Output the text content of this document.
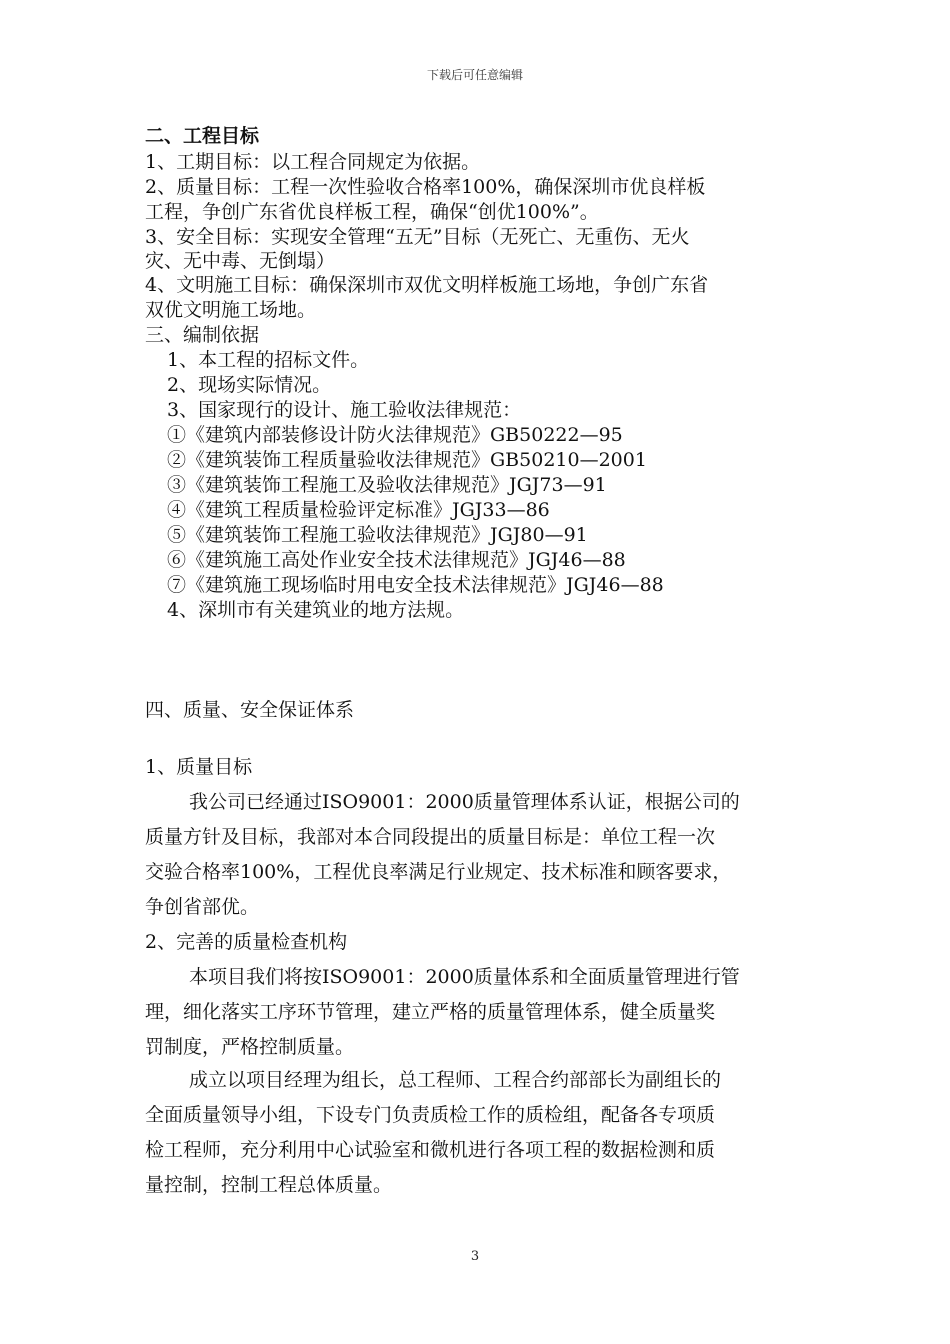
下载后可任意编辑
二、工程目标
1、工期目标：以工程合同规定为依据。
2、质量目标：工程一次性验收合格率100%，确保深圳市优良样板
工程，争创广东省优良样板工程，确保“创优100%”。
3、安全目标：实现安全管理“五无”目标（无死亡、无重伤、无火
灾、无中毒、无倒塌）
4、文明施工目标：确保深圳市双优文明样板施工场地，争创广东省
双优文明施工场地。
三、编制依据
1、本工程的招标文件。
2、现场实际情况。
3、国家现行的设计、施工验收法律规范：
①《建筑内部装修设计防火法律规范》GB50222—95
②《建筑装饰工程质量验收法律规范》GB50210—2001
③《建筑装饰工程施工及验收法律规范》JGJ73—91
④《建筑工程质量检验评定标准》JGJ33—86
⑤《建筑装饰工程施工验收法律规范》JGJ80—91
⑥《建筑施工高处作业安全技术法律规范》JGJ46—88
⑦《建筑施工现场临时用电安全技术法律规范》JGJ46—88
4、深圳市有关建筑业的地方法规。
四、质量、安全保证体系
1、质量目标
我公司已经通过ISO9001：2000质量管理体系认证，根据公司的
质量方针及目标，我部对本合同段提出的质量目标是：单位工程一次
交验合格率100%，工程优良率满足行业规定、技术标准和顾客要求，
争创省部优。
2、完善的质量检查机构
本项目我们将按ISO9001：2000质量体系和全面质量管理进行管
理，细化落实工序环节管理，建立严格的质量管理体系，健全质量奖
罚制度，严格控制质量。
成立以项目经理为组长，总工程师、工程合约部部长为副组长的
全面质量领导小组，下设专门负责质检工作的质检组，配备各专项质
检工程师，充分利用中心试验室和微机进行各项工程的数据检测和质
量控制，控制工程总体质量。
3
